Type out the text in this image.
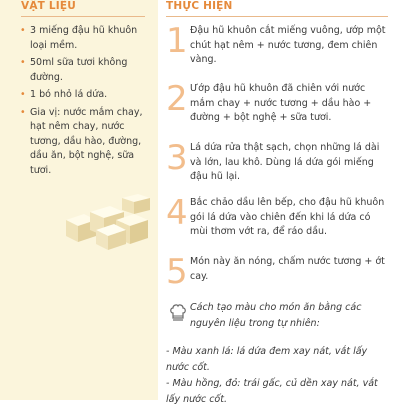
VẬT LIỆU
• 3 miếng đậu hũ khuôn loại mềm.
• 50ml sữa tươi không đường.
• 1 bó nhỏ lá dứa.
• Gia vị: nước mắm chay, hạt nêm chay, nước tương, dầu hào, đường, dầu ăn, bột nghệ, sữa tươi.
THỰC HIỆN
1 Đậu hũ khuôn cắt miếng vuông, ướp một chút hạt nêm + nước tương, đem chiên vàng.
2 Ướp đậu hũ khuôn đã chiên với nước mắm chay + nước tương + dầu hào + đường + bột nghệ + sữa tươi.
3 Lá dứa rửa thật sạch, chọn những lá dài và lớn, lau khô. Dùng lá dứa gói miếng đậu hũ lại.
4 Bắc chảo dầu lên bếp, cho đậu hũ khuôn gói lá dứa vào chiên đến khi lá dứa có mùi thơm vớt ra, để ráo dầu.
5 Món này ăn nóng, chấm nước tương + ớt cay.
Cách tạo màu cho món ăn bằng các nguyên liệu trong tự nhiên:
- Màu xanh lá: lá dứa đem xay nát, vắt lấy nước cốt.
- Màu hồng, đỏ: trái gấc, củ dền xay nát, vắt lấy nước cốt.
